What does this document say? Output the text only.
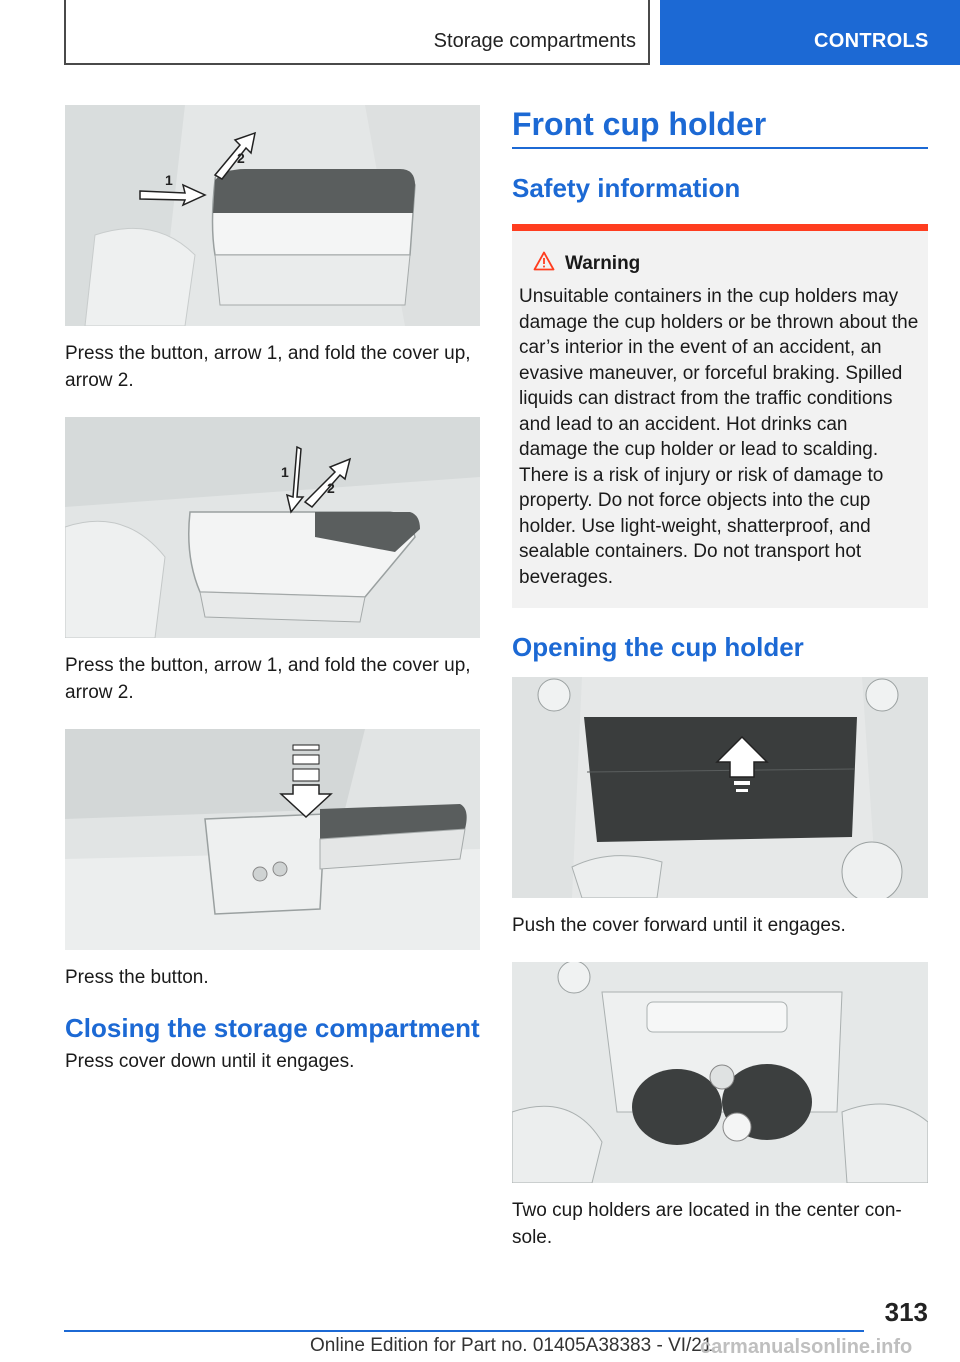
Storage compartments	CONTROLS
1
2

Press the button, arrow 1, and fold the cover up, arrow 2.

1
2

Press the button, arrow 1, and fold the cover up, arrow 2.

Press the button.

Closing the storage compartment

Press cover down until it engages.

Front cup holder
Safety information
Warning

Unsuitable containers in the cup holders may damage the cup holders or be thrown about the car’s interior in the event of an accident, an evasive maneuver, or forceful braking. Spilled liquids can distract from the traffic conditions and lead to an accident. Hot drinks can damage the cup holder or lead to scalding. There is a risk of injury or risk of damage to property. Do not force objects into the cup holder. Use light-weight, shatterproof, and sealable containers. Do not transport hot beverages.

Opening the cup holder

Push the cover forward until it engages.

Two cup holders are located in the center con-sole.

313
Online Edition for Part no. 01405A38383 - VI/21
carmanualsonline.info
